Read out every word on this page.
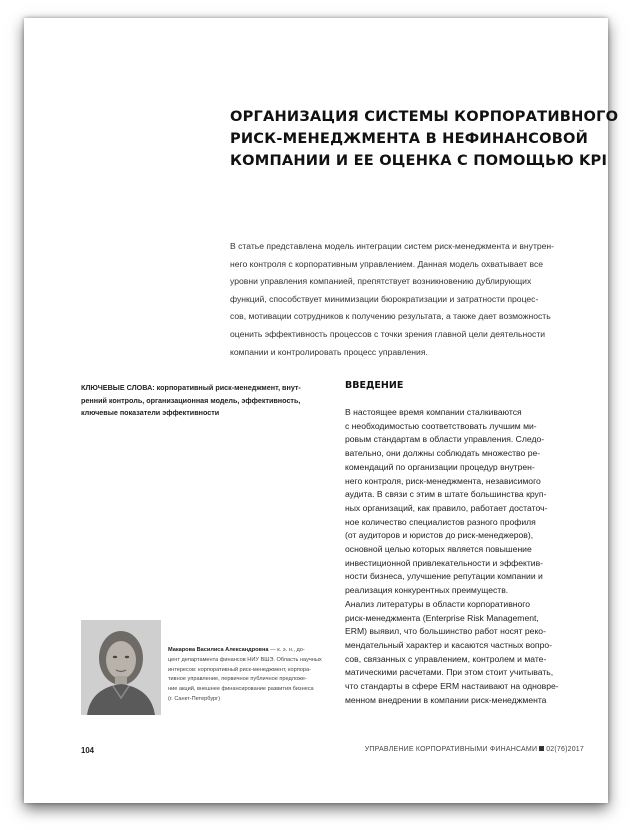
ОРГАНИЗАЦИЯ СИСТЕМЫ КОРПОРАТИВНОГО
РИСК-МЕНЕДЖМЕНТА В НЕФИНАНСОВОЙ
КОМПАНИИ И ЕЕ ОЦЕНКА С ПОМОЩЬЮ KPI
В статье представлена модель интеграции систем риск-менеджмента и внутрен-
него контроля с корпоративным управлением. Данная модель охватывает все
уровни управления компанией, препятствует возникновению дублирующих
функций, способствует минимизации бюрократизации и затратности процес-
сов, мотивации сотрудников к получению результата, а также дает возможность
оценить эффективность процессов с точки зрения главной цели деятельности
компании и контролировать процесс управления.
КЛЮЧЕВЫЕ СЛОВА: корпоративный риск-менеджмент, внут-
ренний контроль, организационная модель, эффективность,
ключевые показатели эффективности
ВВЕДЕНИЕ
В настоящее время компании сталкиваются
с необходимостью соответствовать лучшим ми-
ровым стандартам в области управления. Следо-
вательно, они должны соблюдать множество ре-
комендаций по организации процедур внутрен-
него контроля, риск-менеджмента, независимого
аудита. В связи с этим в штате большинства круп-
ных организаций, как правило, работает достаточ-
ное количество специалистов разного профиля
(от аудиторов и юристов до риск-менеджеров),
основной целью которых является повышение
инвестиционной привлекательности и эффектив-
ности бизнеса, улучшение репутации компании и
реализация конкурентных преимуществ.
Анализ литературы в области корпоративного
риск-менеджмента (Enterprise Risk Management,
ERM) выявил, что большинство работ носят реко-
мендательный характер и касаются частных вопро-
сов, связанных с управлением, контролем и мате-
матическими расчетами. При этом стоит учитывать,
что стандарты в сфере ERM настаивают на одновре-
менном внедрении в компании риск-менеджмента
Макарова Василиса Александровна — к. э. н., до-
цент департамента финансов НИУ ВШЭ. Область научных
интересов: корпоративный риск-менеджмент, корпора-
тивное управление, первичное публичное предложе-
ние акций, внешнее финансирование развития бизнеса
(г. Санкт-Петербург)
104	УПРАВЛЕНИЕ КОРПОРАТИВНЫМИ ФИНАНСАМИ 02(76)2017
